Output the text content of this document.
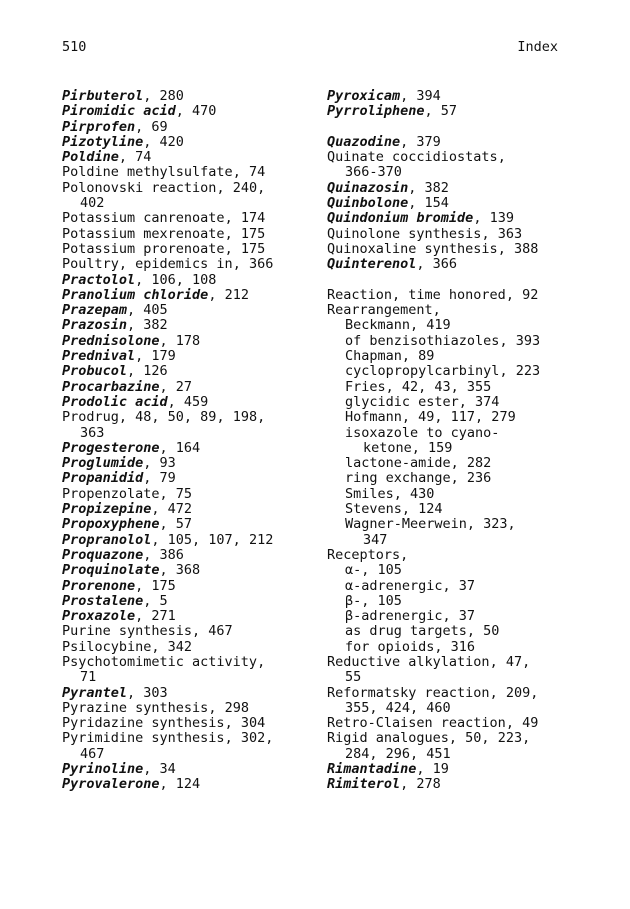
510	Index
Pirbuterol, 280
Piromidic acid, 470
Pirprofen, 69
Pizotyline, 420
Poldine, 74
Poldine methylsulfate, 74
Polonovski reaction, 240,
402
Potassium canrenoate, 174
Potassium mexrenoate, 175
Potassium prorenoate, 175
Poultry, epidemics in, 366
Practolol, 106, 108
Pranolium chloride, 212
Prazepam, 405
Prazosin, 382
Prednisolone, 178
Prednival, 179
Probucol, 126
Procarbazine, 27
Prodolic acid, 459
Prodrug, 48, 50, 89, 198,
363
Progesterone, 164
Proglumide, 93
Propanidid, 79
Propenzolate, 75
Propizepine, 472
Propoxyphene, 57
Propranolol, 105, 107, 212
Proquazone, 386
Proquinolate, 368
Prorenone, 175
Prostalene, 5
Proxazole, 271
Purine synthesis, 467
Psilocybine, 342
Psychotomimetic activity,
71
Pyrantel, 303
Pyrazine synthesis, 298
Pyridazine synthesis, 304
Pyrimidine synthesis, 302,
467
Pyrinoline, 34
Pyrovalerone, 124
Pyroxicam, 394
Pyrroliphene, 57
Quazodine, 379
Quinate coccidiostats,
366-370
Quinazosin, 382
Quinbolone, 154
Quindonium bromide, 139
Quinolone synthesis, 363
Quinoxaline synthesis, 388
Quinterenol, 366
Reaction, time honored, 92
Rearrangement,
Beckmann, 419
of benzisothiazoles, 393
Chapman, 89
cyclopropylcarbinyl, 223
Fries, 42, 43, 355
glycidic ester, 374
Hofmann, 49, 117, 279
isoxazole to cyano-
ketone, 159
lactone-amide, 282
ring exchange, 236
Smiles, 430
Stevens, 124
Wagner-Meerwein, 323,
347
Receptors,
α-, 105
α-adrenergic, 37
β-, 105
β-adrenergic, 37
as drug targets, 50
for opioids, 316
Reductive alkylation, 47,
55
Reformatsky reaction, 209,
355, 424, 460
Retro-Claisen reaction, 49
Rigid analogues, 50, 223,
284, 296, 451
Rimantadine, 19
Rimiterol, 278
